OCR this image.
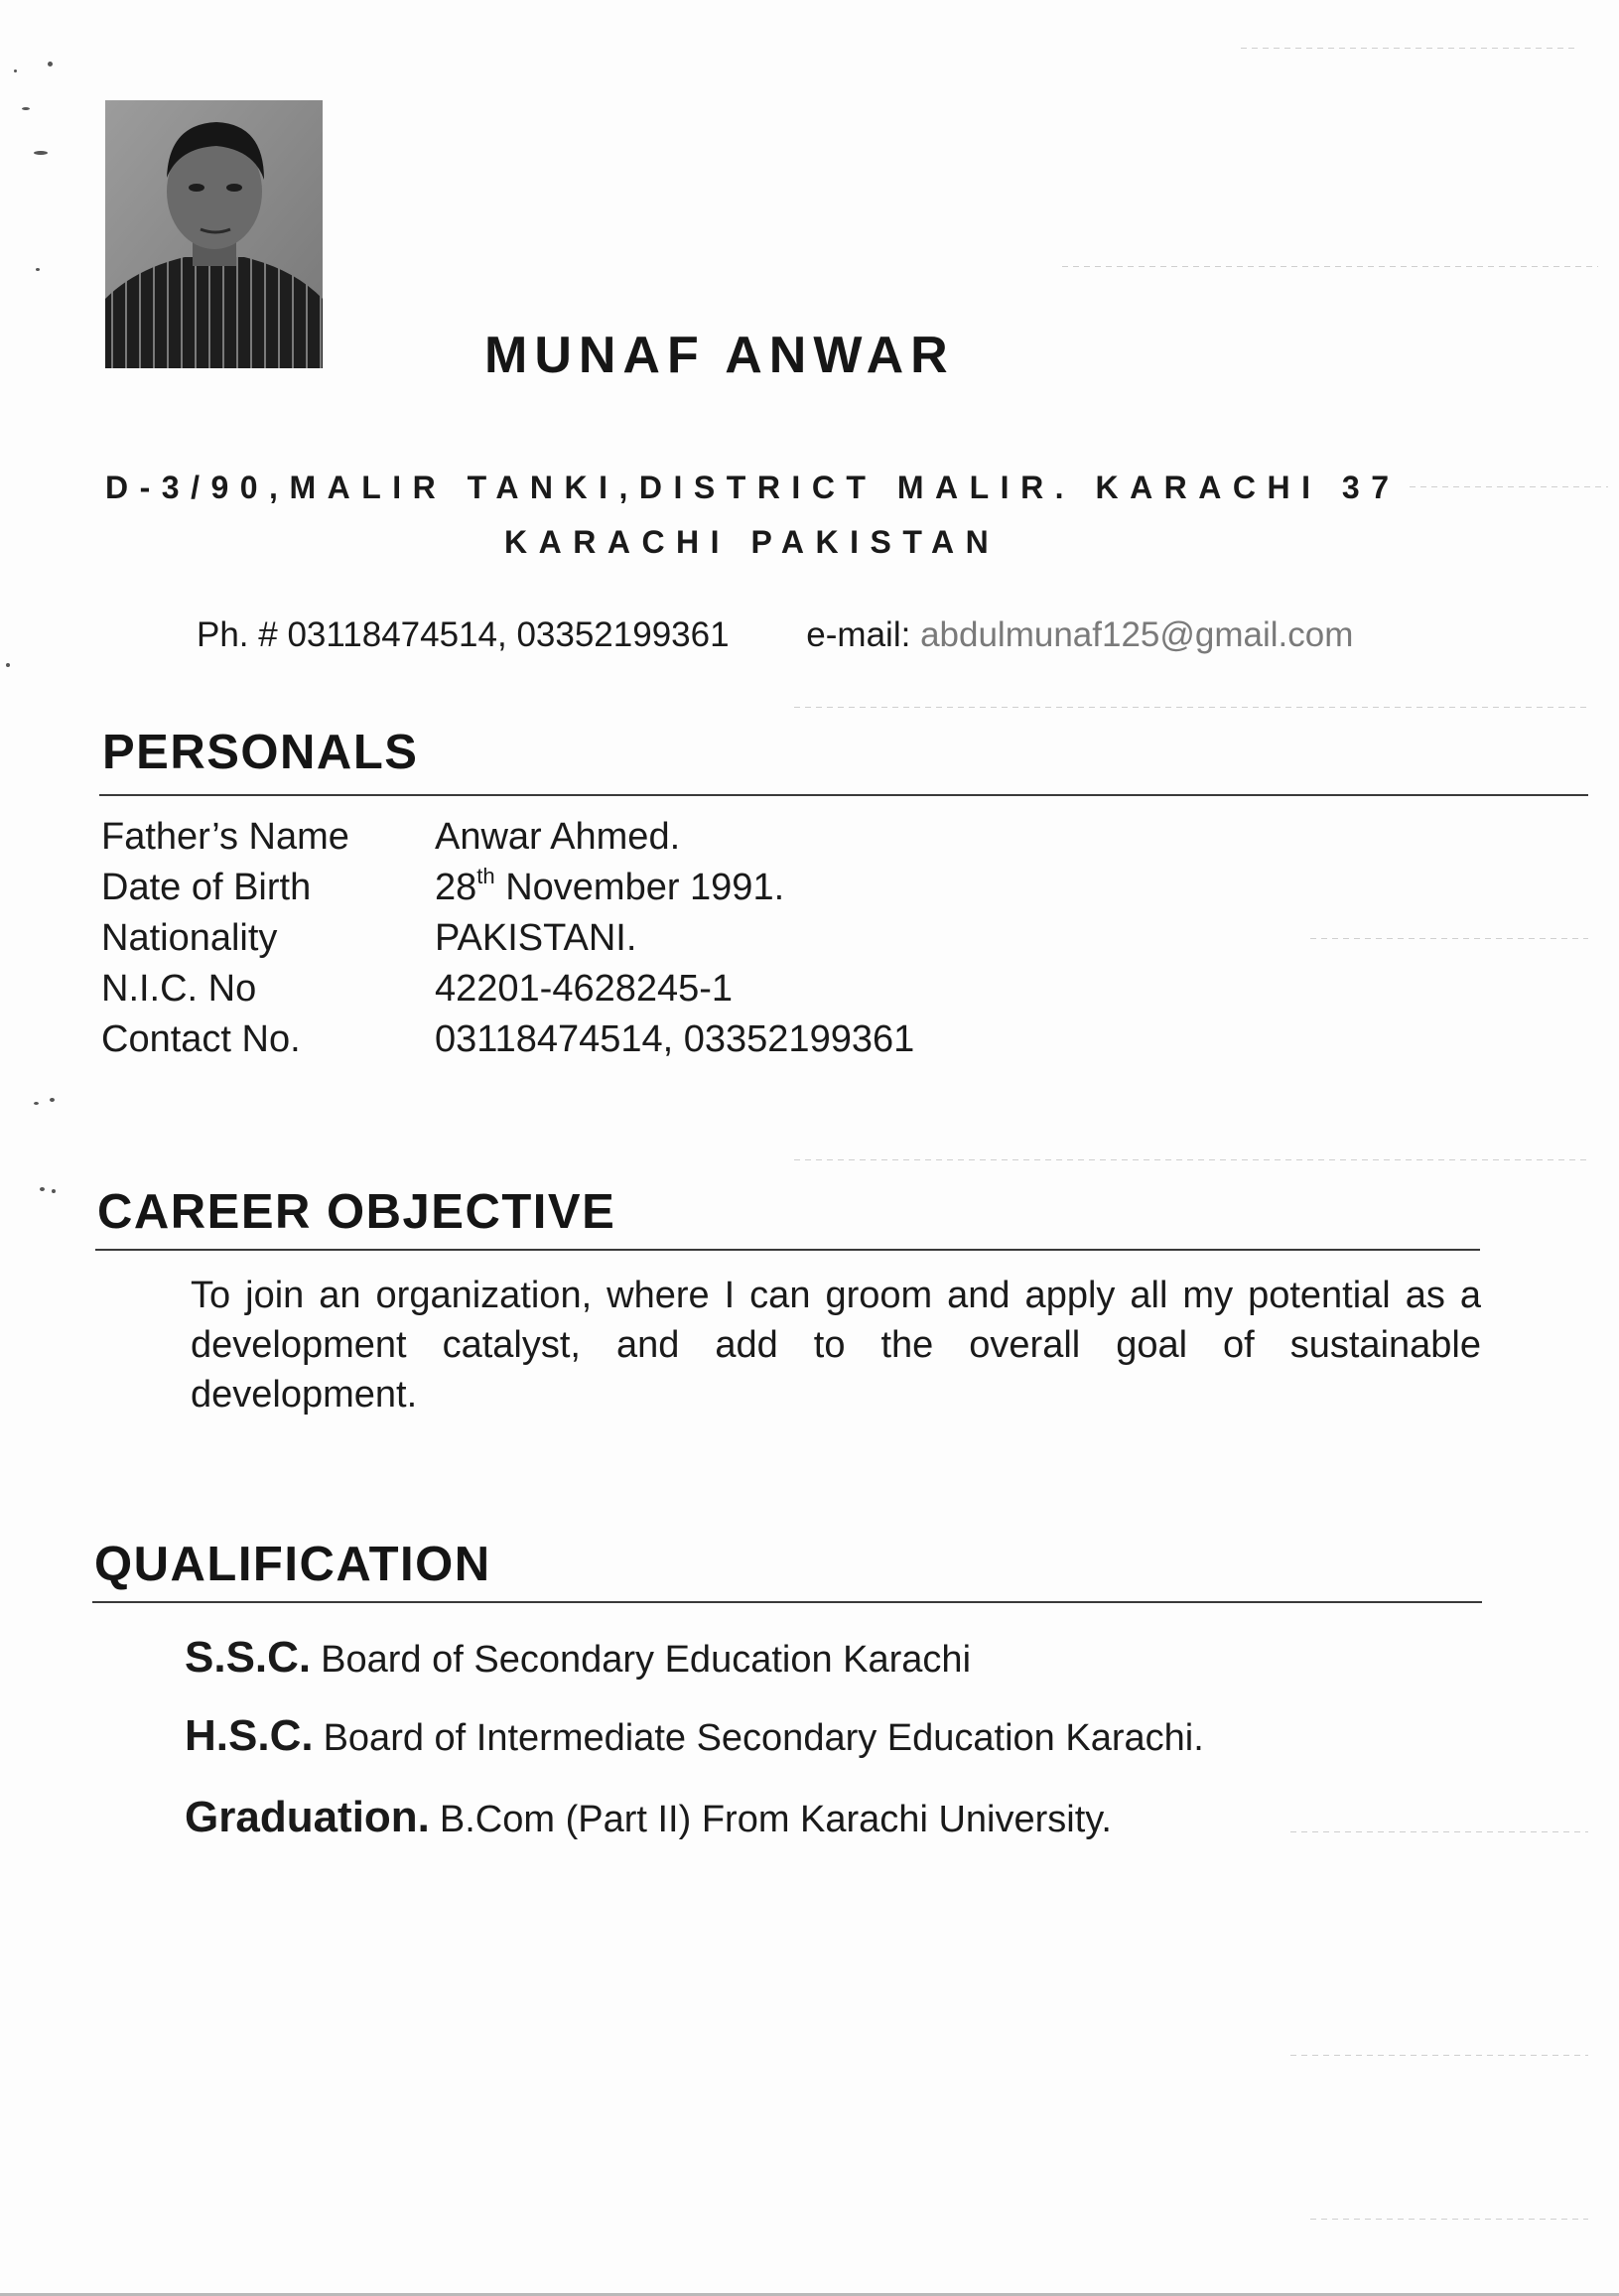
MUNAF ANWAR
D-3/90,MALIR TANKI,DISTRICT MALIR. KARACHI 37
KARACHI PAKISTAN
Ph. # 03118474514, 03352199361 e-mail: abdulmunaf125@gmail.com
PERSONALS
Father’s Name	Anwar Ahmed.
Date of Birth	28th November 1991.
Nationality	PAKISTANI.
N.I.C. No	42201-4628245-1
Contact No.	03118474514, 03352199361
CAREER OBJECTIVE
To join an organization, where I can groom and apply all my potential as a development catalyst, and add to the overall goal of sustainable development.
QUALIFICATION
S.S.C. Board of Secondary Education Karachi
H.S.C. Board of Intermediate Secondary Education Karachi.
Graduation. B.Com (Part II) From Karachi University.
